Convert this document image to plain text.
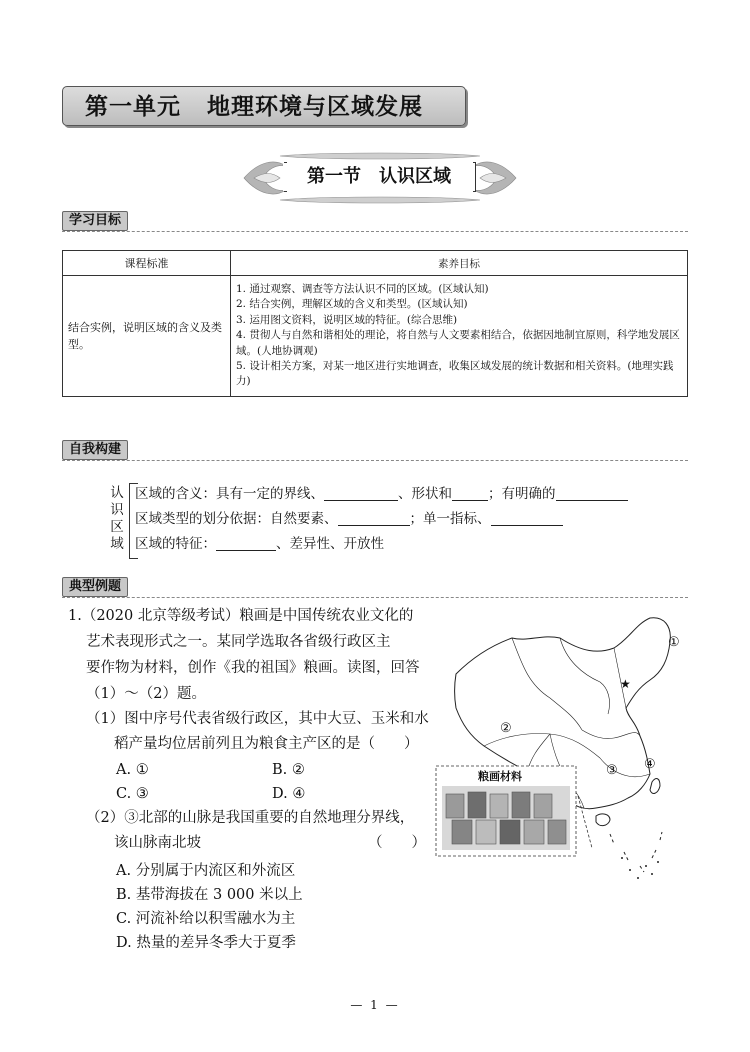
第一单元 地理环境与区域发展
第一节　认识区域
学习目标
课程标准	素养目标
结合实例，说明区域的含义及类型。	1. 通过观察、调查等方法认识不同的区域。(区域认知)
2. 结合实例，理解区域的含义和类型。(区域认知)
3. 运用图文资料，说明区域的特征。(综合思维)
4. 贯彻人与自然和谐相处的理论，将自然与人文要素相结合，依据因地制宜原则，科学地发展区域。(人地协调观)
5. 设计相关方案，对某一地区进行实地调查，收集区域发展的统计数据和相关资料。(地理实践力)
自我构建
认识区域
区域的含义：具有一定的界线、	、形状和	；有明确的
区域类型的划分依据：自然要素、	；单一指标、
区域的特征：	、差异性、开放性
典型例题
1.（2020 北京等级考试）粮画是中国传统农业文化的
艺术表现形式之一。某同学选取各省级行政区主
要作物为材料，创作《我的祖国》粮画。读图，回答
（1）～（2）题。
（1）图中序号代表省级行政区，其中大豆、玉米和水
稻产量均位居前列且为粮食主产区的是（　　）
A. ①	B. ②
C. ③	D. ④
（2）③北部的山脉是我国重要的自然地理分界线，
该山脉南北坡	（　　）
A. 分别属于内流区和外流区
B. 基带海拔在 3 000 米以上
C. 河流补给以积雪融水为主
D. 热量的差异冬季大于夏季
①
②
③ ④
★
粮画材料
— 1 —
